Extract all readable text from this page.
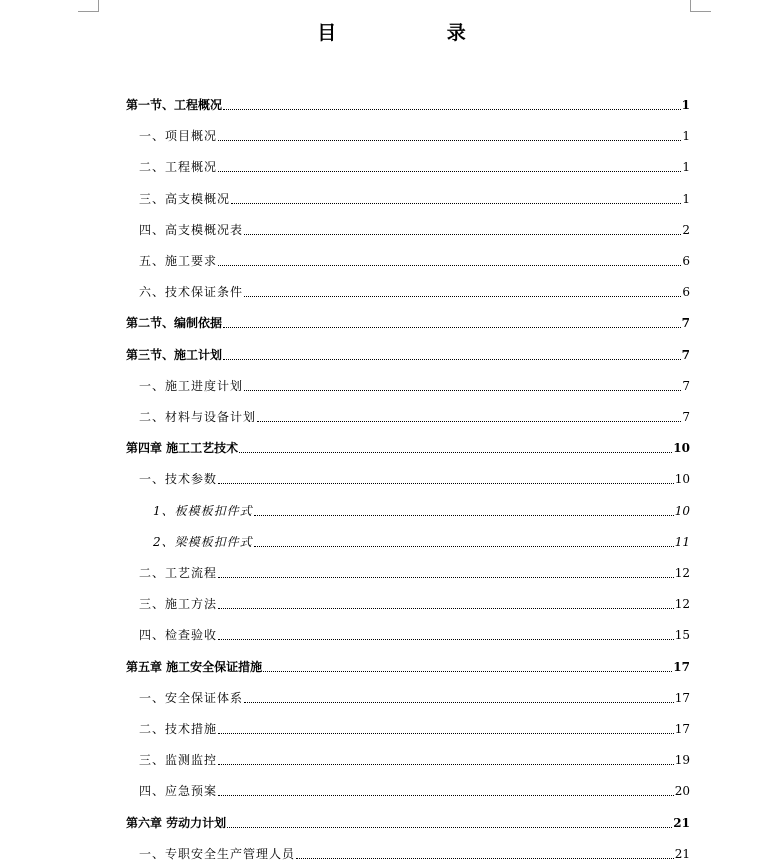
目 录
第一节、工程概况	1
一、项目概况	1
二、工程概况	1
三、高支模概况	1
四、高支模概况表	2
五、施工要求	6
六、技术保证条件	6
第二节、编制依据	7
第三节、施工计划	7
一、施工进度计划	7
二、材料与设备计划	7
第四章 施工工艺技术	10
一、技术参数	10
1、板模板扣件式	10
2、梁模板扣件式	11
二、工艺流程	12
三、施工方法	12
四、检查验收	15
第五章 施工安全保证措施	17
一、安全保证体系	17
二、技术措施	17
三、监测监控	19
四、应急预案	20
第六章 劳动力计划	21
一、专职安全生产管理人员	21
